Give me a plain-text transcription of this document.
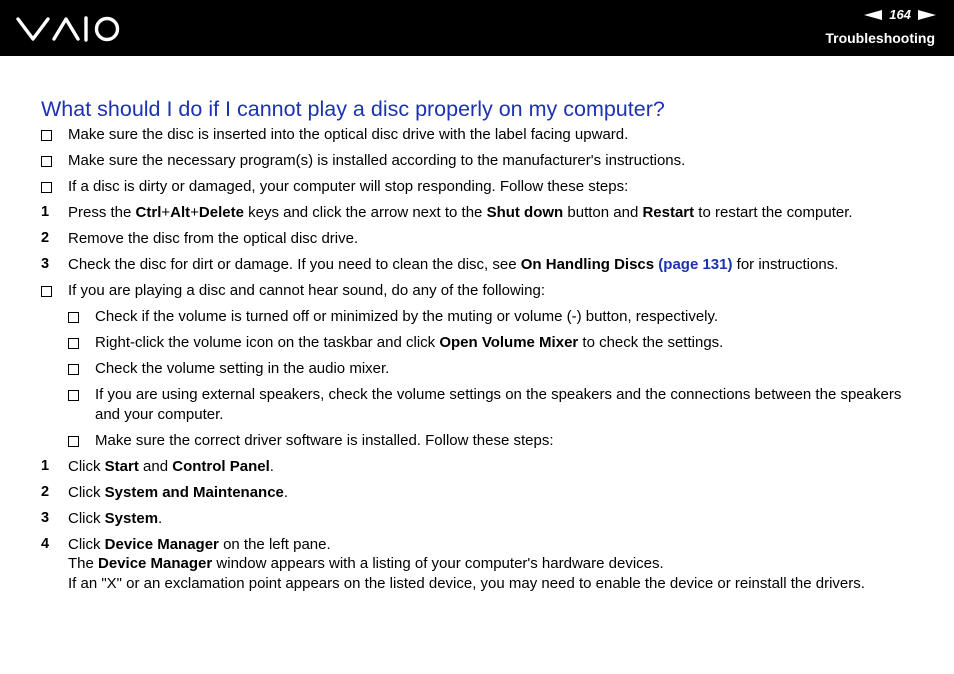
164
Troubleshooting
What should I do if I cannot play a disc properly on my computer?
Make sure the disc is inserted into the optical disc drive with the label facing upward.
Make sure the necessary program(s) is installed according to the manufacturer's instructions.
If a disc is dirty or damaged, your computer will stop responding. Follow these steps:
1 Press the Ctrl+Alt+Delete keys and click the arrow next to the Shut down button and Restart to restart the computer.
2 Remove the disc from the optical disc drive.
3 Check the disc for dirt or damage. If you need to clean the disc, see On Handling Discs (page 131) for instructions.
If you are playing a disc and cannot hear sound, do any of the following:
Check if the volume is turned off or minimized by the muting or volume (-) button, respectively.
Right-click the volume icon on the taskbar and click Open Volume Mixer to check the settings.
Check the volume setting in the audio mixer.
If you are using external speakers, check the volume settings on the speakers and the connections between the speakers and your computer.
Make sure the correct driver software is installed. Follow these steps:
1 Click Start and Control Panel.
2 Click System and Maintenance.
3 Click System.
4 Click Device Manager on the left pane.
The Device Manager window appears with a listing of your computer's hardware devices.
If an "X" or an exclamation point appears on the listed device, you may need to enable the device or reinstall the drivers.
